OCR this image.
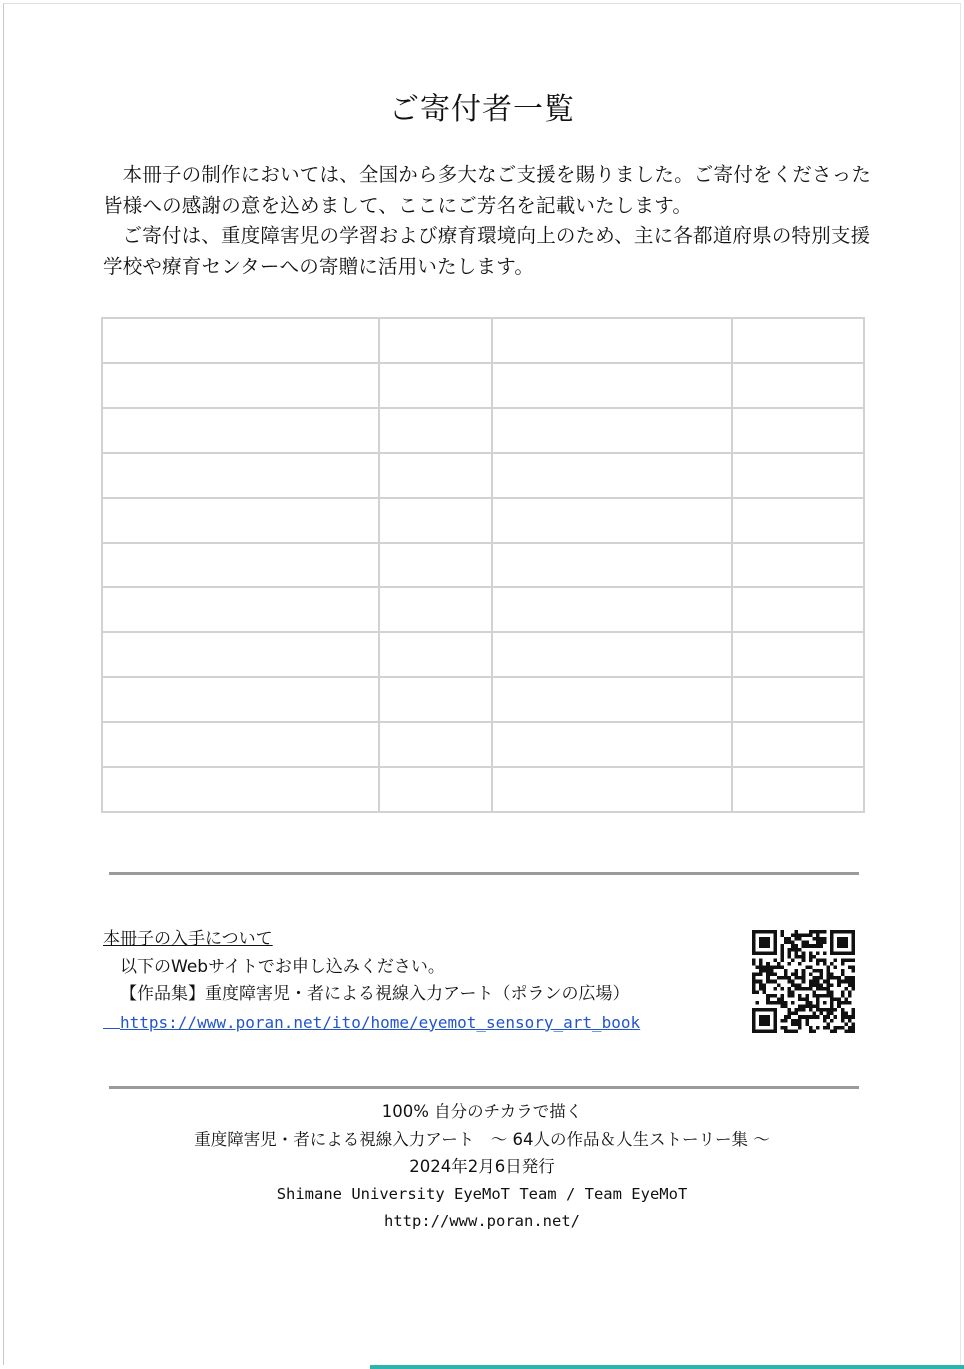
ご寄付者一覧

本冊子の制作においては、全国から多大なご支援を賜りました。ご寄付をくださった皆様への感謝の意を込めまして、ここにご芳名を記載いたします。

ご寄付は、重度障害児の学習および療育環境向上のため、主に各都道府県の特別支援学校や療育センターへの寄贈に活用いたします。

本冊子の入手について
以下のWebサイトでお申し込みください。
【作品集】重度障害児・者による視線入力アート（ポランの広場）
https://www.poran.net/ito/home/eyemot_sensory_art_book
100% 自分のチカラで描く
重度障害児・者による視線入力アート　～ 64人の作品＆人生ストーリー集 ～
2024年2月6日発行
Shimane University EyeMoT Team / Team EyeMoT
http://www.poran.net/
